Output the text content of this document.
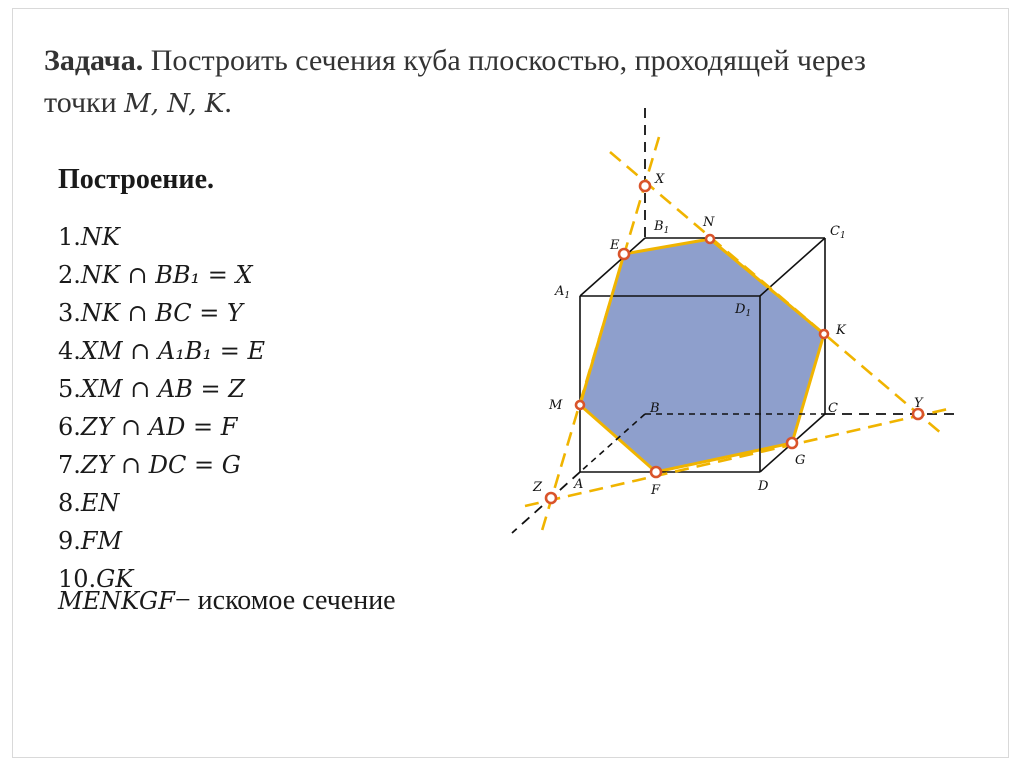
Задача. Построить сечения куба плоскостью, проходящей через точки M, N, K.
Построение.
1.NK
2.NK ∩ BB₁ = X
3.NK ∩ BC = Y
4.XM ∩ A₁B₁ = E
5.XM ∩ AB = Z
6.ZY ∩ AD = F
7.ZY ∩ DC = G
8.EN
9.FM
10.GK
MENKGF− искомое сечение
X
N
E
K
M
G
F
Y
Z A
B	C
D
$A_1$
$B_1$	$C_1$
$D_1$
